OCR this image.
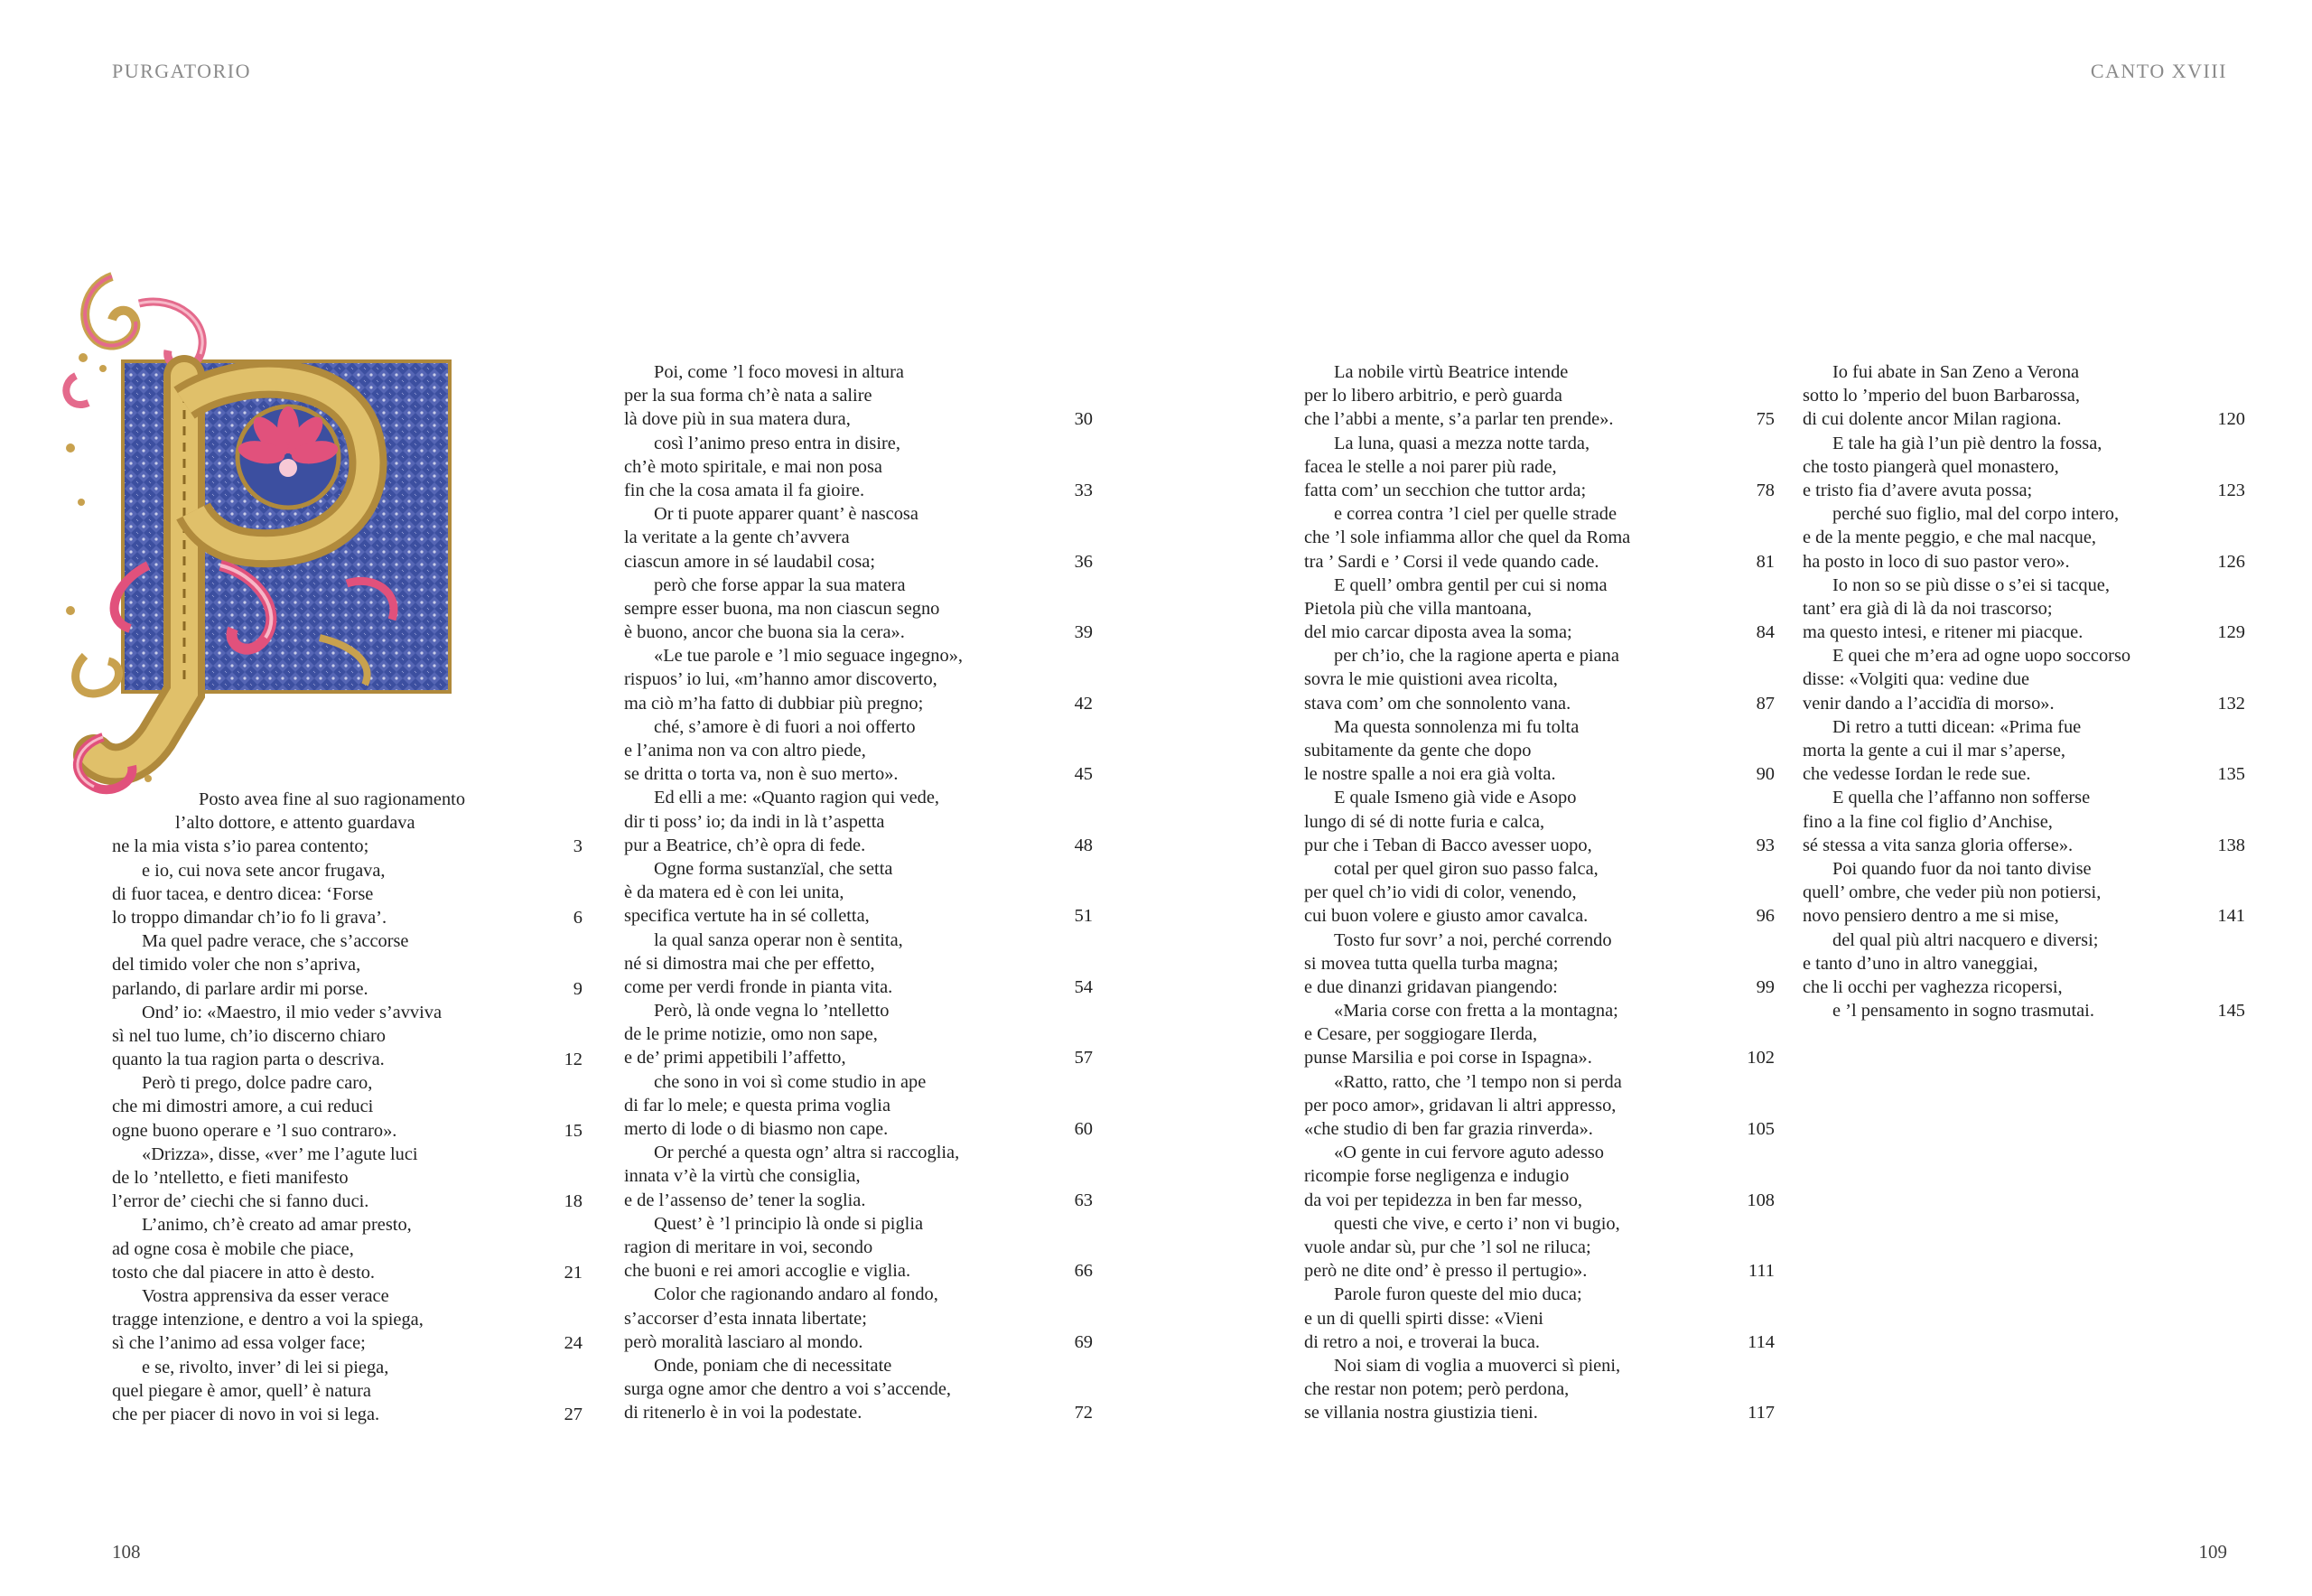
PURGATORIO	CANTO XVIII
Posto avea fine al suo ragionamento
l’alto dottore, e attento guardava
ne la mia vista s’io parea contento;	3
e io, cui nova sete ancor frugava,
di fuor tacea, e dentro dicea: ‘Forse
lo troppo dimandar ch’io fo li grava’.	6
Ma quel padre verace, che s’accorse
del timido voler che non s’apriva,
parlando, di parlare ardir mi porse.	9
Ond’ io: «Maestro, il mio veder s’avviva
sì nel tuo lume, ch’io discerno chiaro
quanto la tua ragion parta o descriva.	12
Però ti prego, dolce padre caro,
che mi dimostri amore, a cui reduci
ogne buono operare e ’l suo contraro».	15
«Drizza», disse, «ver’ me l’agute luci
de lo ’ntelletto, e fieti manifesto
l’error de’ ciechi che si fanno duci.	18
L’animo, ch’è creato ad amar presto,
ad ogne cosa è mobile che piace,
tosto che dal piacere in atto è desto.	21
Vostra apprensiva da esser verace
tragge intenzione, e dentro a voi la spiega,
sì che l’animo ad essa volger face;	24
e se, rivolto, inver’ di lei si piega,
quel piegare è amor, quell’ è natura
che per piacer di novo in voi si lega.	27
Poi, come ’l foco movesi in altura
per la sua forma ch’è nata a salire
là dove più in sua matera dura,	30
così l’animo preso entra in disire,
ch’è moto spiritale, e mai non posa
fin che la cosa amata il fa gioire.	33
Or ti puote apparer quant’ è nascosa
la veritate a la gente ch’avvera
ciascun amore in sé laudabil cosa;	36
però che forse appar la sua matera
sempre esser buona, ma non ciascun segno
è buono, ancor che buona sia la cera».	39
«Le tue parole e ’l mio seguace ingegno»,
rispuos’ io lui, «m’hanno amor discoverto,
ma ciò m’ha fatto di dubbiar più pregno;	42
ché, s’amore è di fuori a noi offerto
e l’anima non va con altro piede,
se dritta o torta va, non è suo merto».	45
Ed elli a me: «Quanto ragion qui vede,
dir ti poss’ io; da indi in là t’aspetta
pur a Beatrice, ch’è opra di fede.	48
Ogne forma sustanzïal, che setta
è da matera ed è con lei unita,
specifica vertute ha in sé colletta,	51
la qual sanza operar non è sentita,
né si dimostra mai che per effetto,
come per verdi fronde in pianta vita.	54
Però, là onde vegna lo ’ntelletto
de le prime notizie, omo non sape,
e de’ primi appetibili l’affetto,	57
che sono in voi sì come studio in ape
di far lo mele; e questa prima voglia
merto di lode o di biasmo non cape.	60
Or perché a questa ogn’ altra si raccoglia,
innata v’è la virtù che consiglia,
e de l’assenso de’ tener la soglia.	63
Quest’ è ’l principio là onde si piglia
ragion di meritare in voi, secondo
che buoni e rei amori accoglie e viglia.	66
Color che ragionando andaro al fondo,
s’accorser d’esta innata libertate;
però moralità lasciaro al mondo.	69
Onde, poniam che di necessitate
surga ogne amor che dentro a voi s’accende,
di ritenerlo è in voi la podestate.	72
La nobile virtù Beatrice intende
per lo libero arbitrio, e però guarda
che l’abbi a mente, s’a parlar ten prende».	75
La luna, quasi a mezza notte tarda,
facea le stelle a noi parer più rade,
fatta com’ un secchion che tuttor arda;	78
e correa contra ’l ciel per quelle strade
che ’l sole infiamma allor che quel da Roma
tra ’ Sardi e ’ Corsi il vede quando cade.	81
E quell’ ombra gentil per cui si noma
Pietola più che villa mantoana,
del mio carcar diposta avea la soma;	84
per ch’io, che la ragione aperta e piana
sovra le mie quistioni avea ricolta,
stava com’ om che sonnolento vana.	87
Ma questa sonnolenza mi fu tolta
subitamente da gente che dopo
le nostre spalle a noi era già volta.	90
E quale Ismeno già vide e Asopo
lungo di sé di notte furia e calca,
pur che i Teban di Bacco avesser uopo,	93
cotal per quel giron suo passo falca,
per quel ch’io vidi di color, venendo,
cui buon volere e giusto amor cavalca.	96
Tosto fur sovr’ a noi, perché correndo
si movea tutta quella turba magna;
e due dinanzi gridavan piangendo:	99
«Maria corse con fretta a la montagna;
e Cesare, per soggiogare Ilerda,
punse Marsilia e poi corse in Ispagna».	102
«Ratto, ratto, che ’l tempo non si perda
per poco amor», gridavan li altri appresso,
«che studio di ben far grazia rinverda».	105
«O gente in cui fervore aguto adesso
ricompie forse negligenza e indugio
da voi per tepidezza in ben far messo,	108
questi che vive, e certo i’ non vi bugio,
vuole andar sù, pur che ’l sol ne riluca;
però ne dite ond’ è presso il pertugio».	111
Parole furon queste del mio duca;
e un di quelli spirti disse: «Vieni
di retro a noi, e troverai la buca.	114
Noi siam di voglia a muoverci sì pieni,
che restar non potem; però perdona,
se villania nostra giustizia tieni.	117
Io fui abate in San Zeno a Verona
sotto lo ’mperio del buon Barbarossa,
di cui dolente ancor Milan ragiona.	120
E tale ha già l’un piè dentro la fossa,
che tosto piangerà quel monastero,
e tristo fia d’avere avuta possa;	123
perché suo figlio, mal del corpo intero,
e de la mente peggio, e che mal nacque,
ha posto in loco di suo pastor vero».	126
Io non so se più disse o s’ei si tacque,
tant’ era già di là da noi trascorso;
ma questo intesi, e ritener mi piacque.	129
E quei che m’era ad ogne uopo soccorso
disse: «Volgiti qua: vedine due
venir dando a l’accidïa di morso».	132
Di retro a tutti dicean: «Prima fue
morta la gente a cui il mar s’aperse,
che vedesse Iordan le rede sue.	135
E quella che l’affanno non sofferse
fino a la fine col figlio d’Anchise,
sé stessa a vita sanza gloria offerse».	138
Poi quando fuor da noi tanto divise
quell’ ombre, che veder più non potiersi,
novo pensiero dentro a me si mise,	141
del qual più altri nacquero e diversi;
e tanto d’uno in altro vaneggiai,
che li occhi per vaghezza ricopersi,
e ’l pensamento in sogno trasmutai.	145
108	109
